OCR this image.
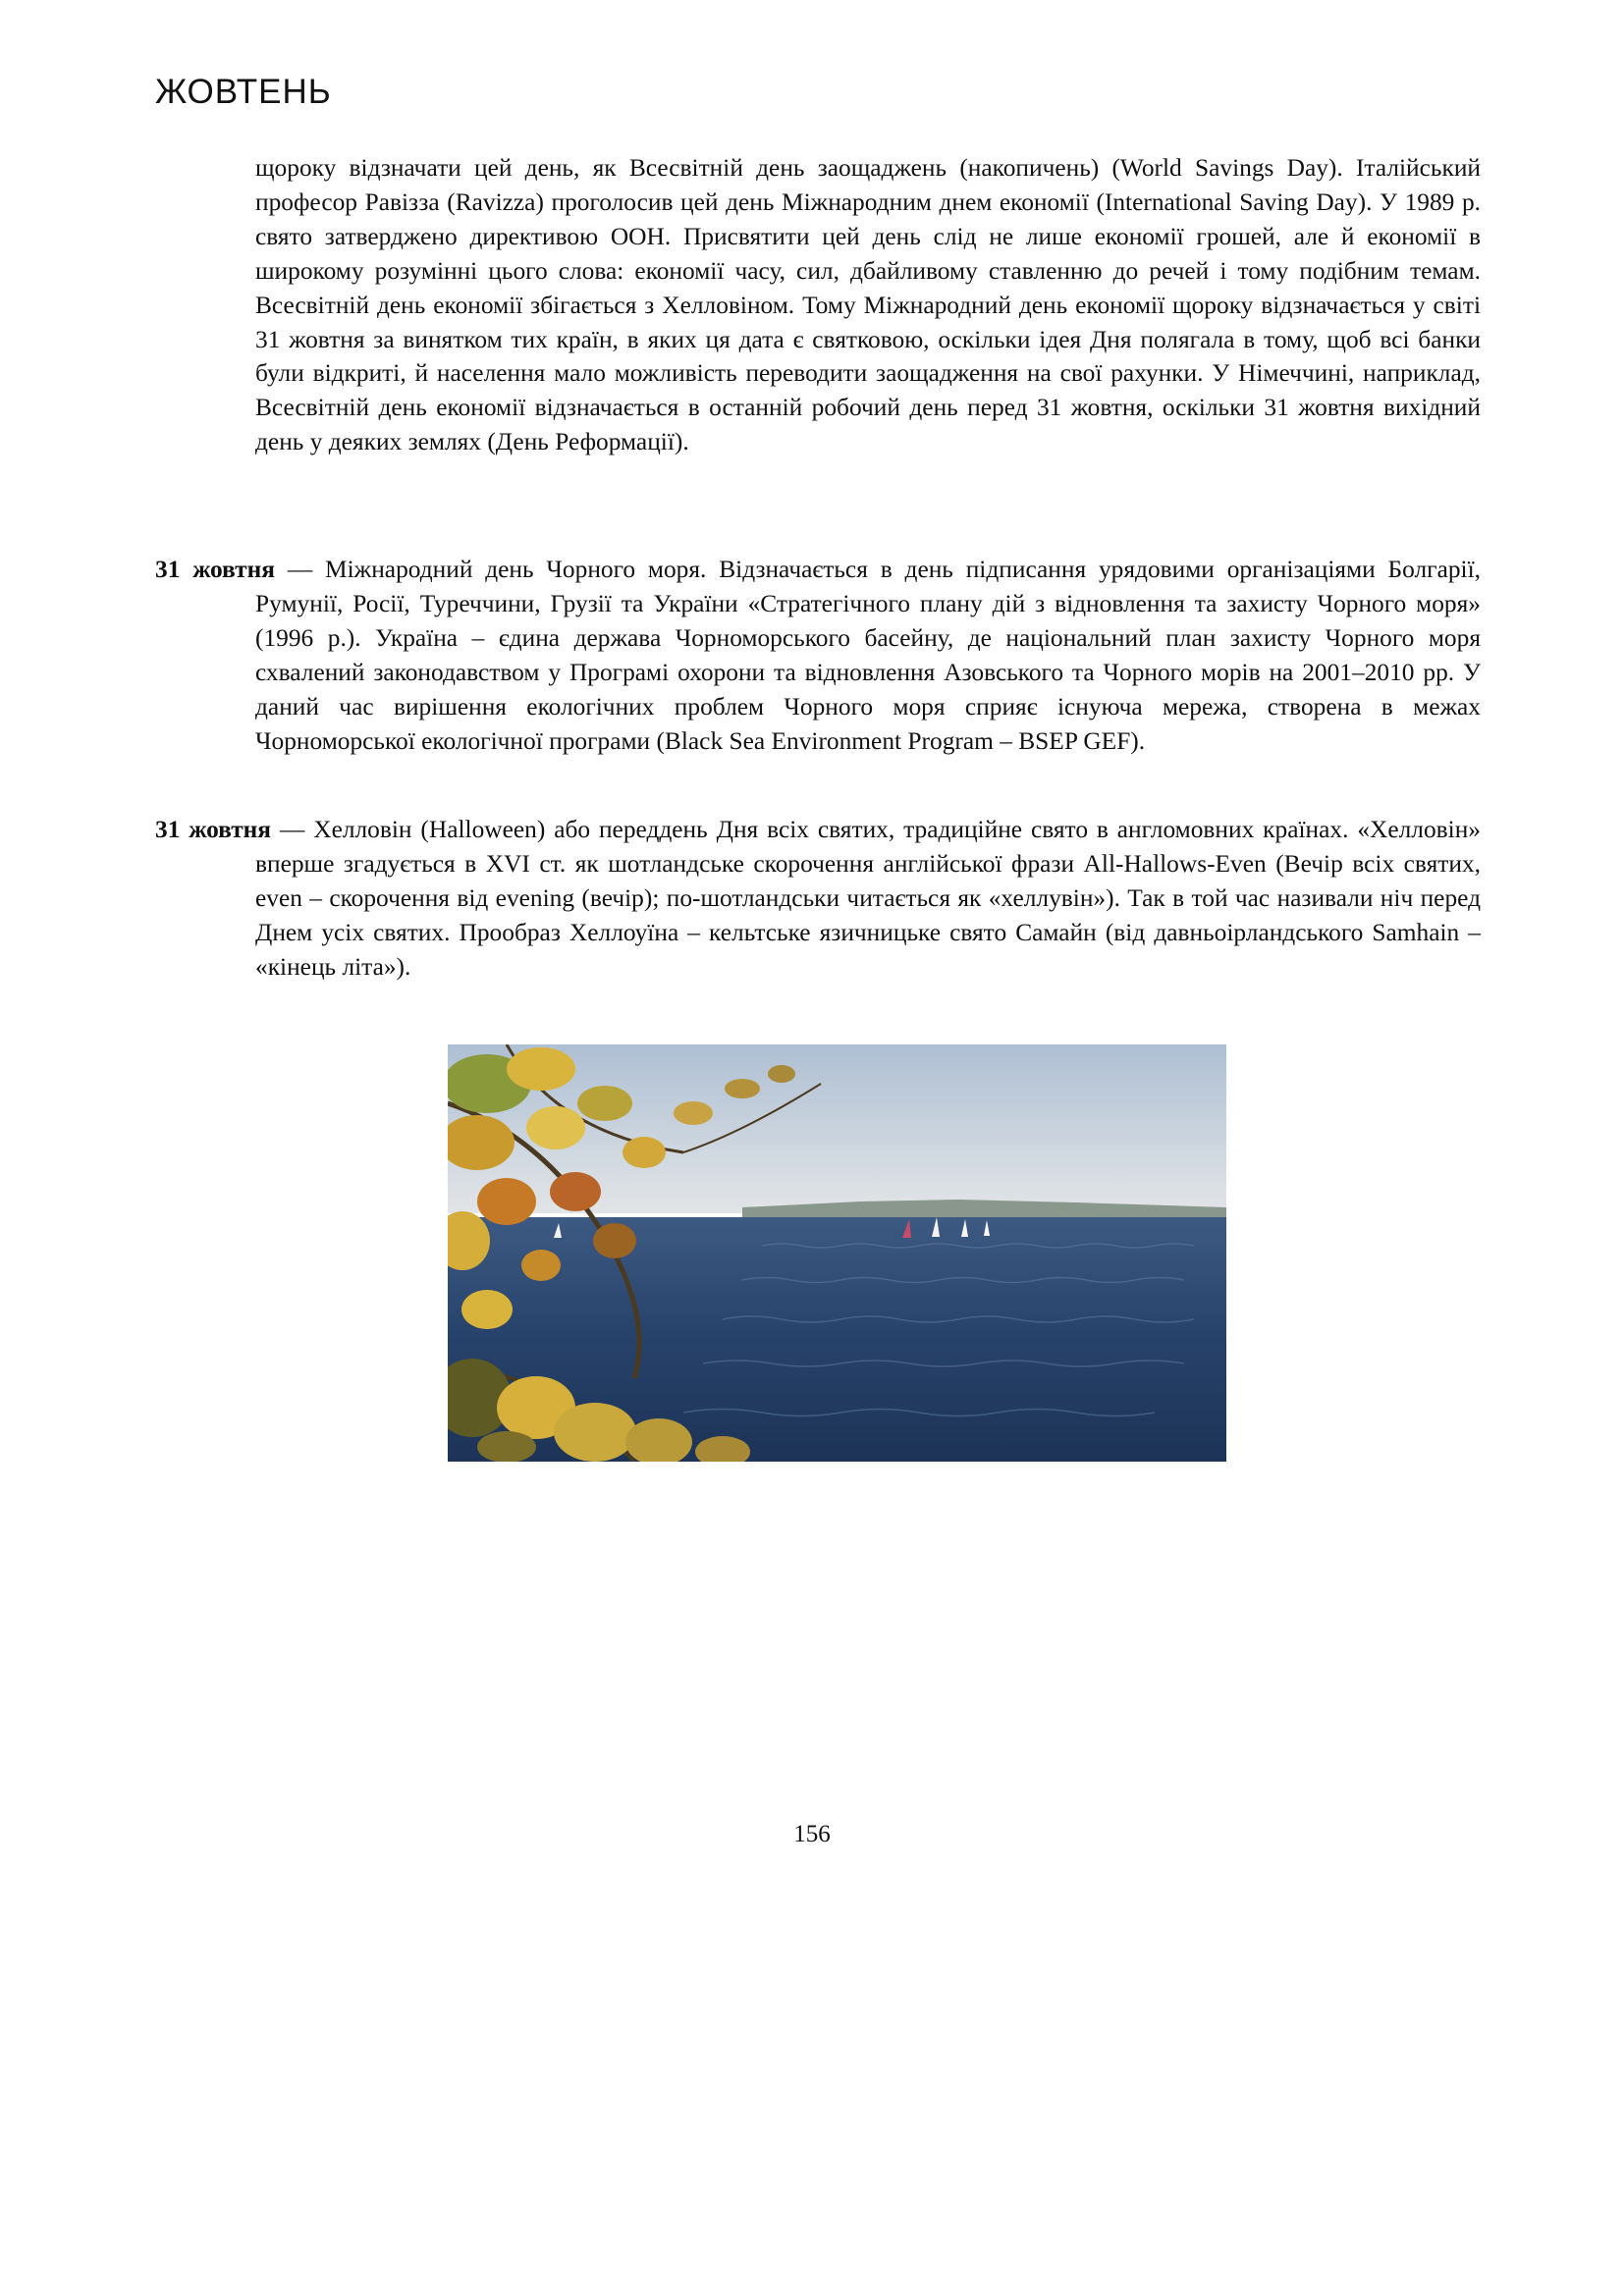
ЖОВТЕНЬ

щороку відзначати цей день, як Всесвітній день заощаджень (накопичень) (World Savings Day). Італійський професор Равізза (Ravizza) проголосив цей день Міжнародним днем економії (International Saving Day). У 1989 р. свято затверджено директивою ООН. Присвятити цей день слід не лише економії грошей, але й економії в широкому розумінні цього слова: економії часу, сил, дбайливому ставленню до речей і тому подібним темам. Всесвітній день економії збігається з Хелловіном. Тому Міжнародний день економії щороку відзначається у світі 31 жовтня за винятком тих країн, в яких ця дата є святковою, оскільки ідея Дня полягала в тому, щоб всі банки були відкриті, й населення мало можливість переводити заощадження на свої рахунки. У Німеччині, наприклад, Всесвітній день економії відзначається в останній робочий день перед 31 жовтня, оскільки 31 жовтня вихідний день у деяких землях (День Реформації).

31 жовтня — Міжнародний день Чорного моря. Відзначається в день підписання урядовими організаціями Болгарії, Румунії, Росії, Туреччини, Грузії та України «Стратегічного плану дій з відновлення та захисту Чорного моря» (1996 р.). Україна – єдина держава Чорноморського басейну, де національний план захисту Чорного моря схвалений законодавством у Програмі охорони та відновлення Азовського та Чорного морів на 2001–2010 рр. У даний час вирішення екологічних проблем Чорного моря сприяє існуюча мережа, створена в межах Чорноморської екологічної програми (Black Sea Environment Program – BSEP GEF).

31 жовтня — Хелловін (Halloween) або переддень Дня всіх святих, традиційне свято в англомовних країнах. «Хелловін» вперше згадується в XVI ст. як шотландське скорочення англійської фрази All-Hallows-Even (Вечір всіх святих, even – скорочення від evening (вечір); по-шотландськи читається як «хеллувін»). Так в той час називали ніч перед Днем усіх святих. Прообраз Хеллоуїна – кельтське язичницьке свято Самайн (від давньоірландського Samhain – «кінець літа»).

156
